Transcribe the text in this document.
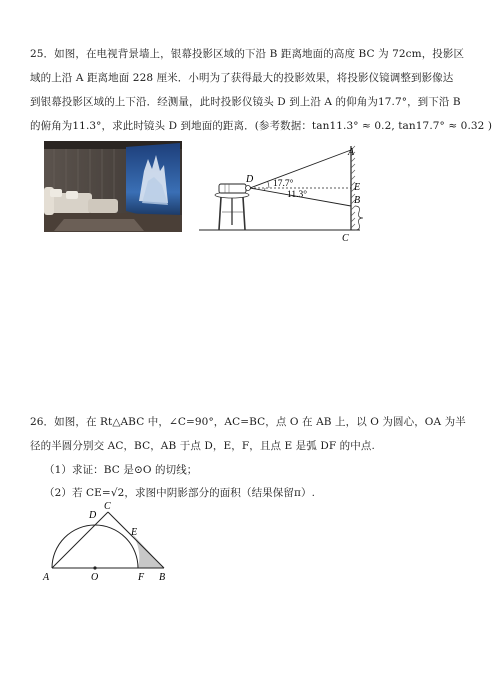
25．如图，在电视背景墙上，银幕投影区域的下沿 B 距离地面的高度 BC 为 72cm，投影区
域的上沿 A 距离地面 228 厘米．小明为了获得最大的投影效果，将投影仪镜调整到影像达
到银幕投影区域的上下沿．经测量，此时投影仪镜头 D 到上沿 A 的仰角为17.7°，到下沿 B
的俯角为11.3°，求此时镜头 D 到地面的距离．(参考数据：tan11.3° ≈ 0.2, tan17.7° ≈ 0.32 )
D 17.7°
11.3°
A
E
B
C
26．如图，在 Rt△ABC 中，∠C=90°，AC=BC，点 O 在 AB 上，以 O 为圆心，OA 为半
径的半圆分别交 AC，BC，AB 于点 D，E，F，且点 E 是弧 DF 的中点.
（1）求证：BC 是⊙O 的切线；
（2）若 CE=√2，求图中阴影部分的面积（结果保留π）.
C
D
E
A	O	F B
